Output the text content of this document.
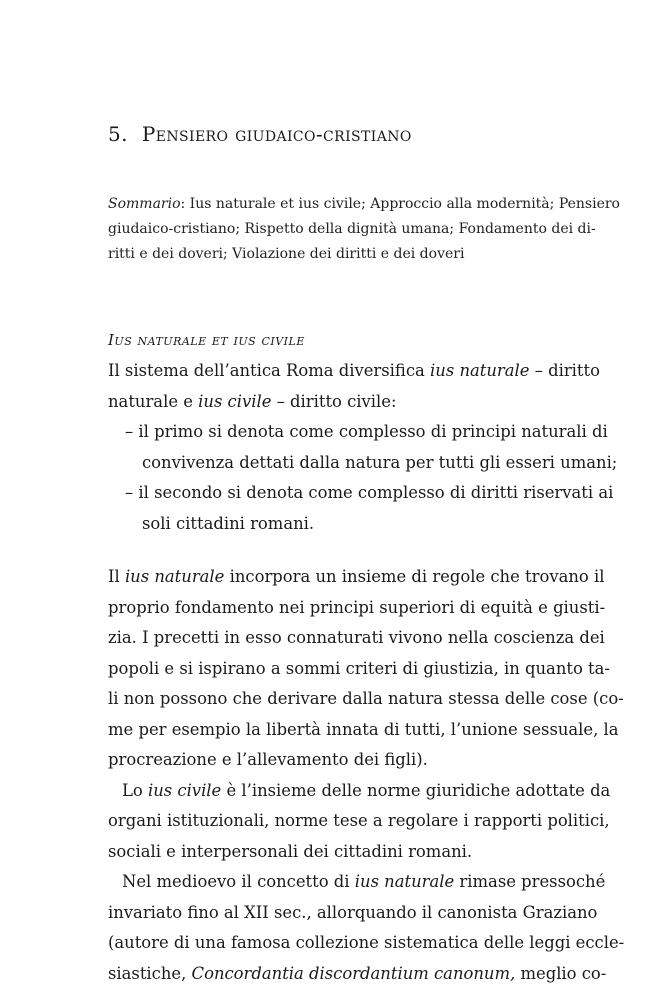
5. Pensiero giudaico-cristiano
Sommario: Ius naturale et ius civile; Approccio alla modernità; Pensiero
giudaico-cristiano; Rispetto della dignità umana; Fondamento dei di-
ritti e dei doveri; Violazione dei diritti e dei doveri
Ius naturale et ius civile
Il sistema dell’antica Roma diversifica ius naturale – diritto
naturale e ius civile – diritto civile:
– il primo si denota come complesso di principi naturali di
convivenza dettati dalla natura per tutti gli esseri umani;
– il secondo si denota come complesso di diritti riservati ai
soli cittadini romani.
Il ius naturale incorpora un insieme di regole che trovano il
proprio fondamento nei principi superiori di equità e giusti-
zia. I precetti in esso connaturati vivono nella coscienza dei
popoli e si ispirano a sommi criteri di giustizia, in quanto ta-
li non possono che derivare dalla natura stessa delle cose (co-
me per esempio la libertà innata di tutti, l’unione sessuale, la
procreazione e l’allevamento dei figli).
Lo ius civile è l’insieme delle norme giuridiche adottate da
organi istituzionali, norme tese a regolare i rapporti politici,
sociali e interpersonali dei cittadini romani.
Nel medioevo il concetto di ius naturale rimase pressoché
invariato fino al XII sec., allorquando il canonista Graziano
(autore di una famosa collezione sistematica delle leggi eccle-
siastiche, Concordantia discordantium canonum, meglio co-
